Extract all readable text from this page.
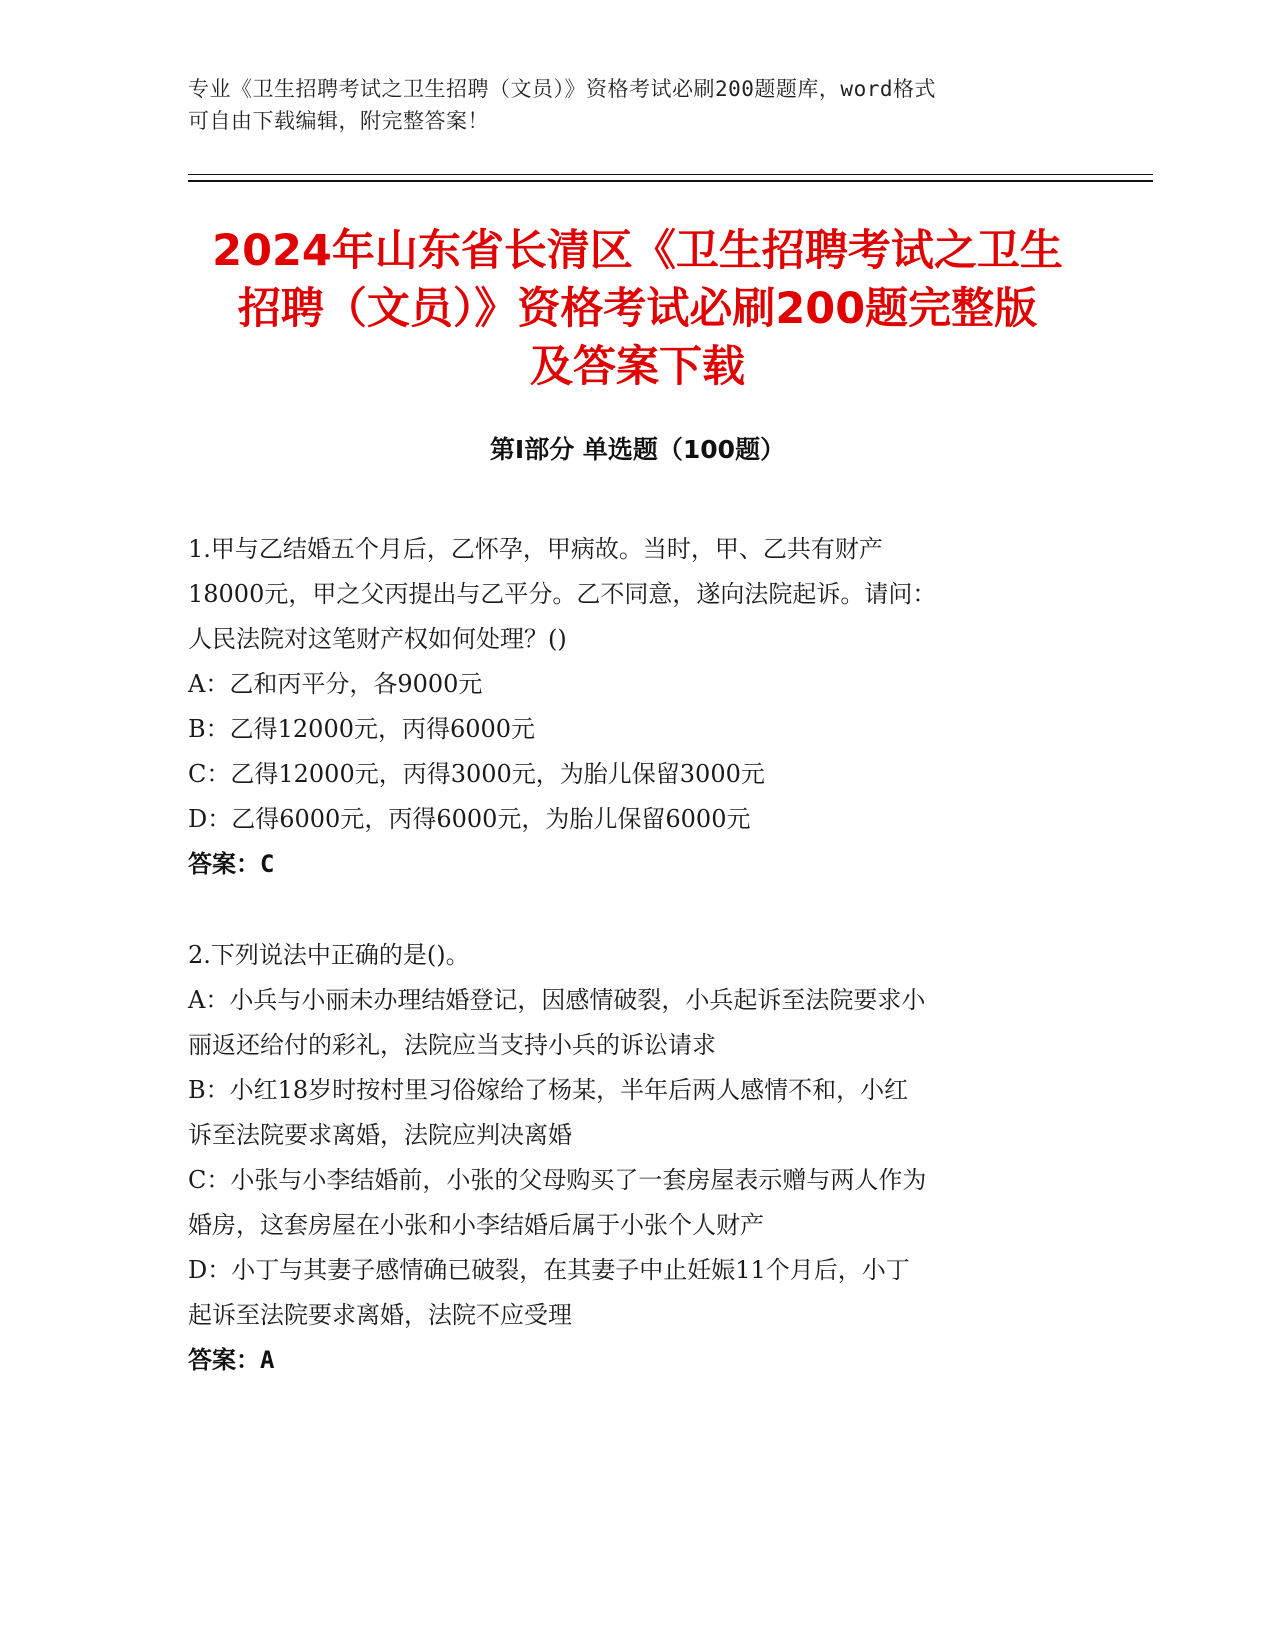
专业《卫生招聘考试之卫生招聘（文员）》资格考试必刷200题题库，word格式
可自由下载编辑，附完整答案！
2024年山东省长清区《卫生招聘考试之卫生
招聘（文员）》资格考试必刷200题完整版
及答案下载
第Ⅰ部分 单选题（100题）

1.甲与乙结婚五个月后，乙怀孕，甲病故。当时，甲、乙共有财产

18000元，甲之父丙提出与乙平分。乙不同意，遂向法院起诉。请问：

人民法院对这笔财产权如何处理？()

A：乙和丙平分，各9000元

B：乙得12000元，丙得6000元

C：乙得12000元，丙得3000元，为胎儿保留3000元

D：乙得6000元，丙得6000元，为胎儿保留6000元

答案：C

2.下列说法中正确的是()。

A：小兵与小丽未办理结婚登记，因感情破裂，小兵起诉至法院要求小

丽返还给付的彩礼，法院应当支持小兵的诉讼请求

B：小红18岁时按村里习俗嫁给了杨某，半年后两人感情不和，小红

诉至法院要求离婚，法院应判决离婚

C：小张与小李结婚前，小张的父母购买了一套房屋表示赠与两人作为

婚房，这套房屋在小张和小李结婚后属于小张个人财产

D：小丁与其妻子感情确已破裂，在其妻子中止妊娠11个月后，小丁

起诉至法院要求离婚，法院不应受理

答案：A
